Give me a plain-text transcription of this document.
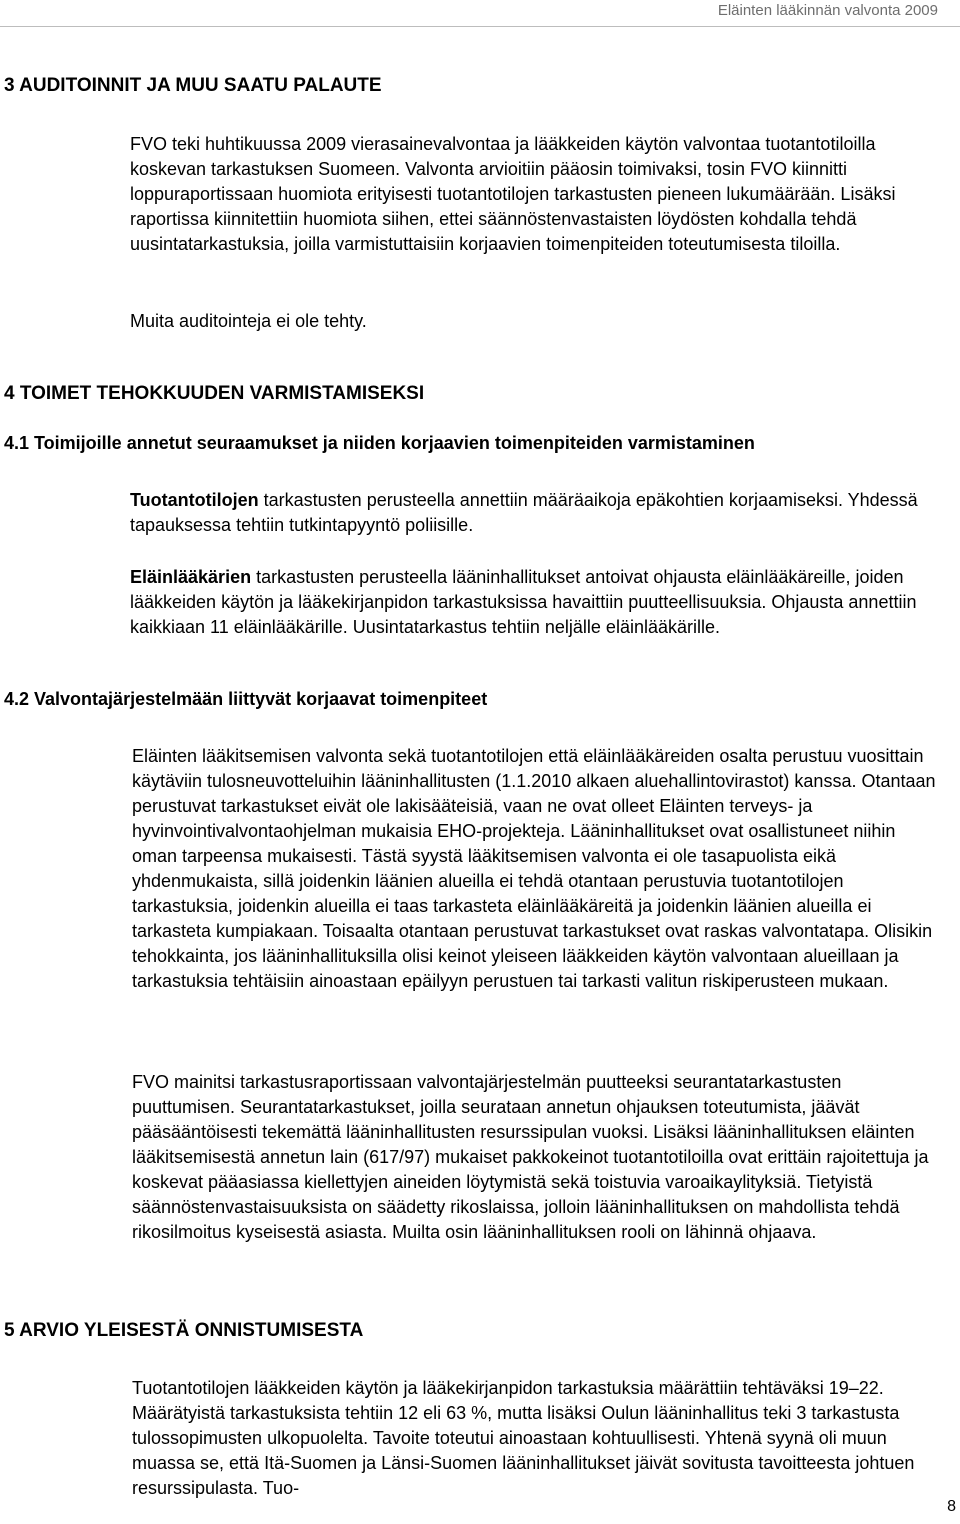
Eläinten lääkinnän valvonta 2009
3 AUDITOINNIT JA MUU SAATU PALAUTE

FVO teki huhtikuussa 2009 vierasainevalvontaa ja lääkkeiden käytön valvontaa tuotantotiloilla koskevan tarkastuksen Suomeen. Valvonta arvioitiin pääosin toimivaksi, tosin FVO kiinnitti loppuraportissaan huomiota erityisesti tuotantotilojen tarkastusten pieneen lukumäärään. Lisäksi raportissa kiinnitettiin huomiota siihen, ettei säännöstenvastaisten löydösten kohdalla tehdä uusintatarkastuksia, joilla varmistuttaisiin korjaavien toimenpiteiden toteutumisesta tiloilla.

Muita auditointeja ei ole tehty.

4 TOIMET TEHOKKUUDEN VARMISTAMISEKSI
4.1 Toimijoille annetut seuraamukset ja niiden korjaavien toimenpiteiden varmistaminen

Tuotantotilojen tarkastusten perusteella annettiin määräaikoja epäkohtien korjaamiseksi. Yhdessä tapauksessa tehtiin tutkintapyyntö poliisille.

Eläinlääkärien tarkastusten perusteella lääninhallitukset antoivat ohjausta eläinlääkäreille, joiden lääkkeiden käytön ja lääkekirjanpidon tarkastuksissa havaittiin puutteellisuuksia. Ohjausta annettiin kaikkiaan 11 eläinlääkärille. Uusintatarkastus tehtiin neljälle eläinlääkärille.

4.2 Valvontajärjestelmään liittyvät korjaavat toimenpiteet

Eläinten lääkitsemisen valvonta sekä tuotantotilojen että eläinlääkäreiden osalta perustuu vuosittain käytäviin tulosneuvotteluihin lääninhallitusten (1.1.2010 alkaen aluehallintovirastot) kanssa. Otantaan perustuvat tarkastukset eivät ole lakisääteisiä, vaan ne ovat olleet Eläinten terveys- ja hyvinvointivalvontaohjelman mukaisia EHO-projekteja. Lääninhallitukset ovat osallistuneet niihin oman tarpeensa mukaisesti. Tästä syystä lääkitsemisen valvonta ei ole tasapuolista eikä yhdenmukaista, sillä joidenkin läänien alueilla ei tehdä otantaan perustuvia tuotantotilojen tarkastuksia, joidenkin alueilla ei taas tarkasteta eläinlääkäreitä ja joidenkin läänien alueilla ei tarkasteta kumpiakaan. Toisaalta otantaan perustuvat tarkastukset ovat raskas valvontatapa. Olisikin tehokkainta, jos lääninhallituksilla olisi keinot yleiseen lääkkeiden käytön valvontaan alueillaan ja tarkastuksia tehtäisiin ainoastaan epäilyyn perustuen tai tarkasti valitun riskiperusteen mukaan.

FVO mainitsi tarkastusraportissaan valvontajärjestelmän puutteeksi seurantatarkastusten puuttumisen. Seurantatarkastukset, joilla seurataan annetun ohjauksen toteutumista, jäävät pääsääntöisesti tekemättä lääninhallitusten resurssipulan vuoksi. Lisäksi lääninhallituksen eläinten lääkitsemisestä annetun lain (617/97) mukaiset pakkokeinot tuotantotiloilla ovat erittäin rajoitettuja ja koskevat pääasiassa kiellettyjen aineiden löytymistä sekä toistuvia varoaikaylityksiä. Tietyistä säännöstenvastaisuuksista on säädetty rikoslaissa, jolloin lääninhallituksen on mahdollista tehdä rikosilmoitus kyseisestä asiasta. Muilta osin lääninhallituksen rooli on lähinnä ohjaava.

5 ARVIO YLEISESTÄ ONNISTUMISESTA

Tuotantotilojen lääkkeiden käytön ja lääkekirjanpidon tarkastuksia määrättiin tehtäväksi 19–22. Määrätyistä tarkastuksista tehtiin 12 eli 63 %, mutta lisäksi Oulun lääninhallitus teki 3 tarkastusta tulossopimusten ulkopuolelta. Tavoite toteutui ainoastaan kohtuullisesti. Yhtenä syynä oli muun muassa se, että Itä-Suomen ja Länsi-Suomen lääninhallitukset jäivät sovitusta tavoitteesta johtuen resurssipulasta. Tuo-

8
